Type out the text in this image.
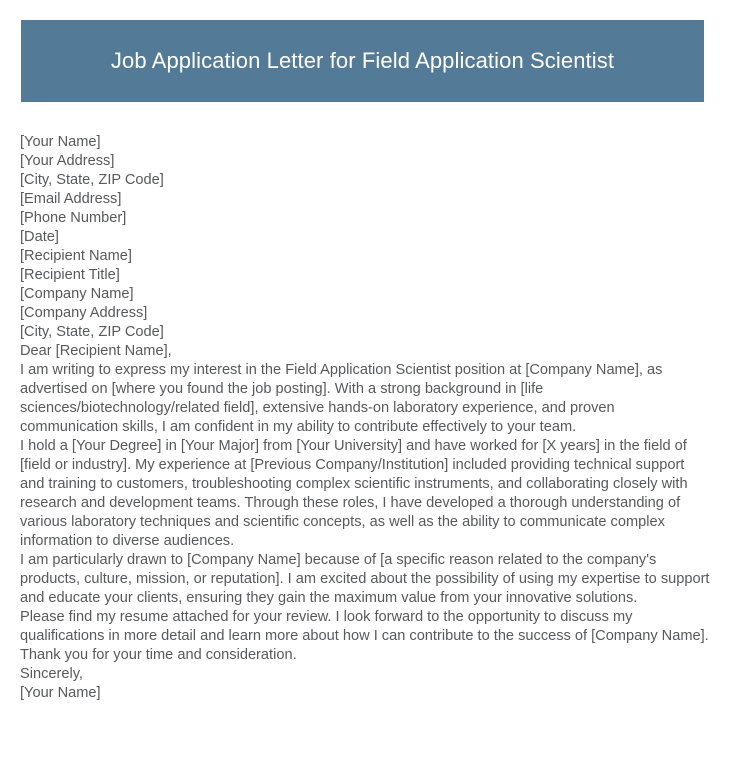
Job Application Letter for Field Application Scientist
[Your Name]
[Your Address]
[City, State, ZIP Code]
[Email Address]
[Phone Number]
[Date]
[Recipient Name]
[Recipient Title]
[Company Name]
[Company Address]
[City, State, ZIP Code]
Dear [Recipient Name],

I am writing to express my interest in the Field Application Scientist position at [Company Name], as advertised on [where you found the job posting]. With a strong background in [life sciences/biotechnology/related field], extensive hands-on laboratory experience, and proven communication skills, I am confident in my ability to contribute effectively to your team.

I hold a [Your Degree] in [Your Major] from [Your University] and have worked for [X years] in the field of [field or industry]. My experience at [Previous Company/Institution] included providing technical support and training to customers, troubleshooting complex scientific instruments, and collaborating closely with research and development teams. Through these roles, I have developed a thorough understanding of various laboratory techniques and scientific concepts, as well as the ability to communicate complex information to diverse audiences.

I am particularly drawn to [Company Name] because of [a specific reason related to the company's products, culture, mission, or reputation]. I am excited about the possibility of using my expertise to support and educate your clients, ensuring they gain the maximum value from your innovative solutions.

Please find my resume attached for your review. I look forward to the opportunity to discuss my qualifications in more detail and learn more about how I can contribute to the success of [Company Name].

Thank you for your time and consideration.
Sincerely,
[Your Name]
